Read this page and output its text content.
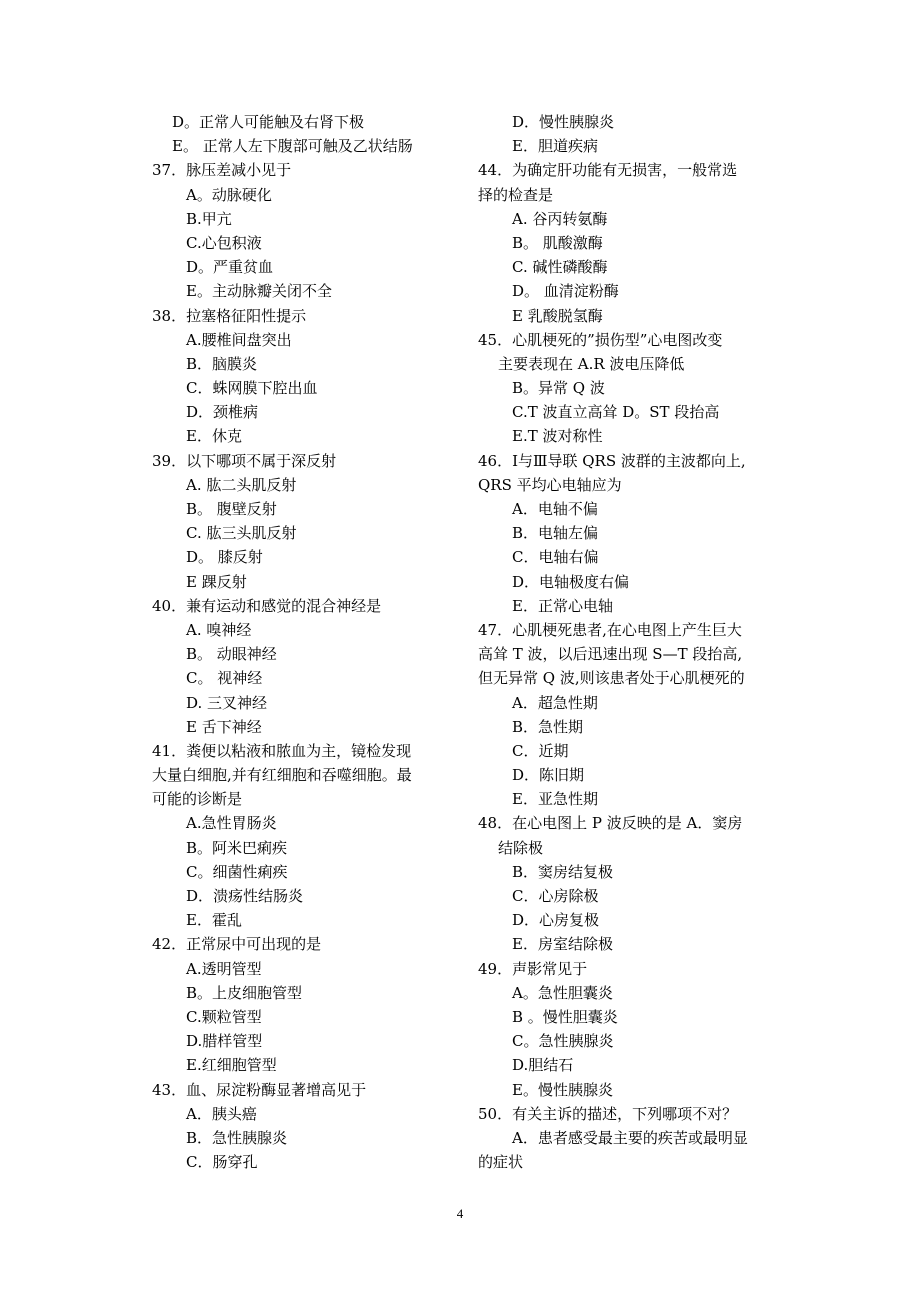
D。正常人可能触及右肾下极
E。 正常人左下腹部可触及乙状结肠
37．脉压差减小见于
A。动脉硬化
B.甲亢
C.心包积液
D。严重贫血
E。主动脉瓣关闭不全
38．拉塞格征阳性提示
A.腰椎间盘突出
B．脑膜炎
C．蛛网膜下腔出血
D．颈椎病
E．休克
39．以下哪项不属于深反射
A. 肱二头肌反射
B。 腹壁反射
C. 肱三头肌反射
D。 膝反射
E 踝反射
40．兼有运动和感觉的混合神经是
A. 嗅神经
B。 动眼神经
C。 视神经
D. 三叉神经
E 舌下神经
41．粪便以粘液和脓血为主，镜检发现
大量白细胞,并有红细胞和吞噬细胞。最
可能的诊断是
A.急性胃肠炎
B。阿米巴痢疾
C。细菌性痢疾
D．溃疡性结肠炎
E．霍乱
42．正常尿中可出现的是
A.透明管型
B。上皮细胞管型
C.颗粒管型
D.腊样管型
E.红细胞管型
43．血、尿淀粉酶显著增高见于
A．胰头癌
B．急性胰腺炎
C．肠穿孔
D．慢性胰腺炎
E．胆道疾病
44．为确定肝功能有无损害，一般常选
择的检查是
A. 谷丙转氨酶
B。 肌酸激酶
C. 碱性磷酸酶
D。 血清淀粉酶
E 乳酸脱氢酶
45．心肌梗死的”损伤型”心电图改变
主要表现在 A.R 波电压降低
B。异常 Q 波
C.T 波直立高耸 D。ST 段抬高
E.T 波对称性
46．Ⅰ与Ⅲ导联 QRS 波群的主波都向上,
QRS 平均心电轴应为
A．电轴不偏
B．电轴左偏
C．电轴右偏
D．电轴极度右偏
E．正常心电轴
47．心肌梗死患者,在心电图上产生巨大
高耸 T 波，以后迅速出现 S—T 段抬高,
但无异常 Q 波,则该患者处于心肌梗死的
A．超急性期
B．急性期
C．近期
D．陈旧期
E．亚急性期
48．在心电图上 P 波反映的是 A．窦房
结除极
B．窦房结复极
C．心房除极
D．心房复极
E．房室结除极
49．声影常见于
A。急性胆囊炎
B 。慢性胆囊炎
C。急性胰腺炎
D.胆结石
E。慢性胰腺炎
50．有关主诉的描述，下列哪项不对？
A．患者感受最主要的疾苦或最明显
的症状
4
